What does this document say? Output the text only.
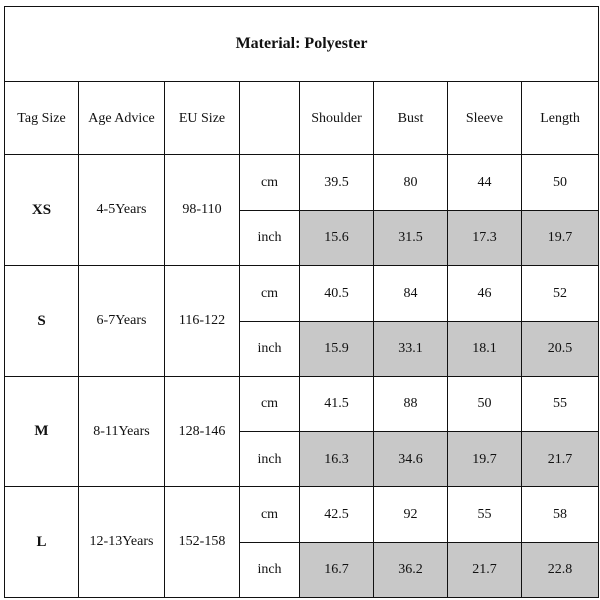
Material: Polyester							
Tag Size	Age Advice	EU Size		Shoulder	Bust	Sleeve	Length
XS	4-5Years	98-110	cm	39.5	80	44	50
			inch	15.6	31.5	17.3	19.7
S	6-7Years	116-122	cm	40.5	84	46	52
			inch	15.9	33.1	18.1	20.5
M	8-11Years	128-146	cm	41.5	88	50	55
			inch	16.3	34.6	19.7	21.7
L	12-13Years	152-158	cm	42.5	92	55	58
			inch	16.7	36.2	21.7	22.8
